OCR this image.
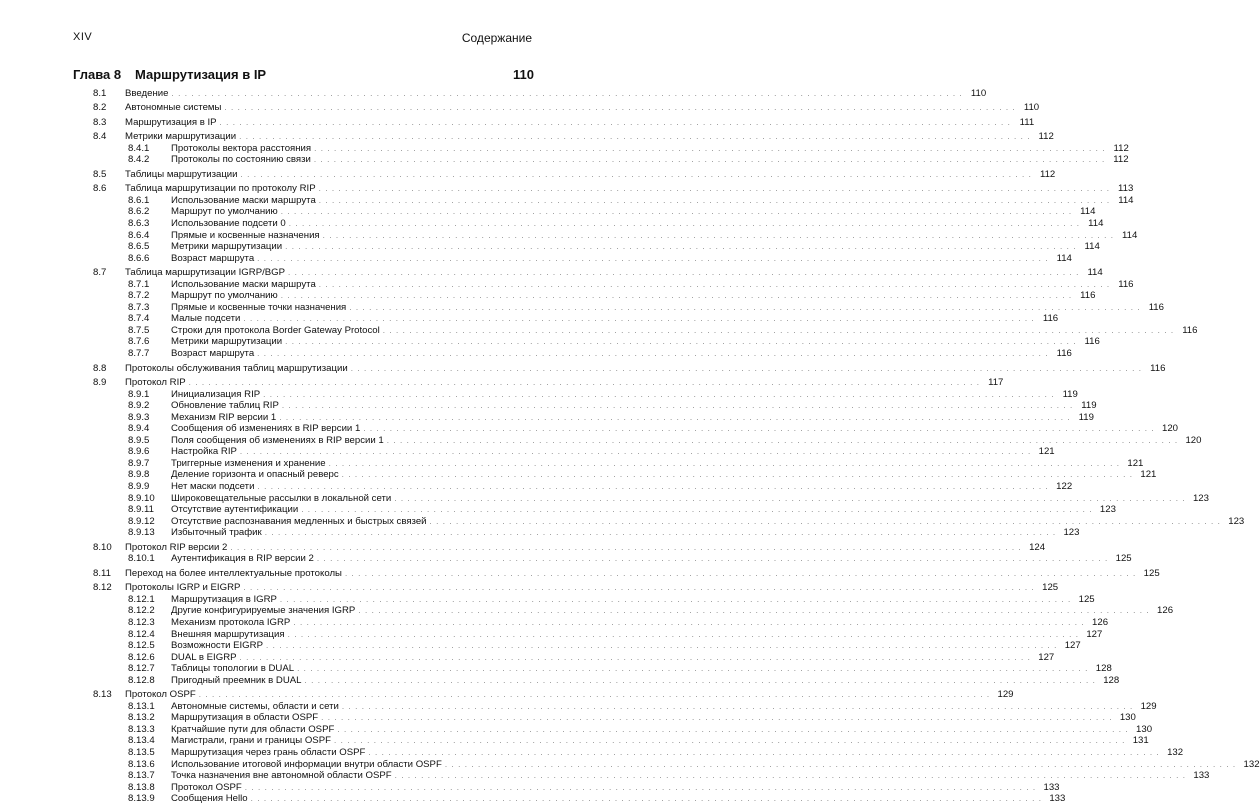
XIV	Содержание
Глава 8 Маршрутизация в IP	110
8.1 Введение ........................................................................................................................ 110
8.2 Автономные системы ........................................................................................................................ 110
8.3 Маршрутизация в IP ........................................................................................................................ 111
8.4 Метрики маршрутизации ........................................................................................................................ 112
8.4.1 Протоколы вектора расстояния ........................................................................................................................ 112
8.4.2 Протоколы по состоянию связи ........................................................................................................................ 112
8.5 Таблицы маршрутизации ........................................................................................................................ 112
8.6 Таблица маршрутизации по протоколу RIP ........................................................................................................................ 113
8.6.1 Использование маски маршрута ........................................................................................................................ 114
8.6.2 Маршрут по умолчанию ........................................................................................................................ 114
8.6.3 Использование подсети 0 ........................................................................................................................ 114
8.6.4 Прямые и косвенные назначения ........................................................................................................................ 114
8.6.5 Метрики маршрутизации ........................................................................................................................ 114
8.6.6 Возраст маршрута ........................................................................................................................ 114
8.7 Таблица маршрутизации IGRP/BGP ........................................................................................................................ 114
8.7.1 Использование маски маршрута ........................................................................................................................ 116
8.7.2 Маршрут по умолчанию ........................................................................................................................ 116
8.7.3 Прямые и косвенные точки назначения ........................................................................................................................ 116
8.7.4 Малые подсети ........................................................................................................................ 116
8.7.5 Строки для протокола Border Gateway Protocol ........................................................................................................................ 116
8.7.6 Метрики маршрутизации ........................................................................................................................ 116
8.7.7 Возраст маршрута ........................................................................................................................ 116
8.8 Протоколы обслуживания таблиц маршрутизации ........................................................................................................................ 116
8.9 Протокол RIP ........................................................................................................................ 117
8.9.1 Инициализация RIP ........................................................................................................................ 119
8.9.2 Обновление таблиц RIP ........................................................................................................................ 119
8.9.3 Механизм RIP версии 1 ........................................................................................................................ 119
8.9.4 Сообщения об изменениях в RIP версии 1 ........................................................................................................................ 120
8.9.5 Поля сообщения об изменениях в RIP версии 1 ........................................................................................................................ 120
8.9.6 Настройка RIP ........................................................................................................................ 121
8.9.7 Триггерные изменения и хранение ........................................................................................................................ 121
8.9.8 Деление горизонта и опасный реверс ........................................................................................................................ 121
8.9.9 Нет маски подсети ........................................................................................................................ 122
8.9.10 Широковещательные рассылки в локальной сети ........................................................................................................................ 123
8.9.11 Отсутствие аутентификации ........................................................................................................................ 123
8.9.12 Отсутствие распознавания медленных и быстрых связей ........................................................................................................................ 123
8.9.13 Избыточный трафик ........................................................................................................................ 123
8.10 Протокол RIP версии 2 ........................................................................................................................ 124
8.10.1 Аутентификация в RIP версии 2 ........................................................................................................................ 125
8.11 Переход на более интеллектуальные протоколы ........................................................................................................................ 125
8.12 Протоколы IGRP и EIGRP ........................................................................................................................ 125
8.12.1 Маршрутизация в IGRP ........................................................................................................................ 125
8.12.2 Другие конфигурируемые значения IGRP ........................................................................................................................ 126
8.12.3 Механизм протокола IGRP ........................................................................................................................ 126
8.12.4 Внешняя маршрутизация ........................................................................................................................ 127
8.12.5 Возможности EIGRP ........................................................................................................................ 127
8.12.6 DUAL в EIGRP ........................................................................................................................ 127
8.12.7 Таблицы топологии в DUAL ........................................................................................................................ 128
8.12.8 Пригодный преемник в DUAL ........................................................................................................................ 128
8.13 Протокол OSPF ........................................................................................................................ 129
8.13.1 Автономные системы, области и сети ........................................................................................................................ 129
8.13.2 Маршрутизация в области OSPF ........................................................................................................................ 130
8.13.3 Кратчайшие пути для области OSPF ........................................................................................................................ 130
8.13.4 Магистрали, грани и границы OSPF ........................................................................................................................ 131
8.13.5 Маршрутизация через грань области OSPF ........................................................................................................................ 132
8.13.6 Использование итоговой информации внутри области OSPF ........................................................................................................................ 132
8.13.7 Точка назначения вне автономной области OSPF ........................................................................................................................ 133
8.13.8 Протокол OSPF ........................................................................................................................ 133
8.13.9 Сообщения Hello ........................................................................................................................ 133
